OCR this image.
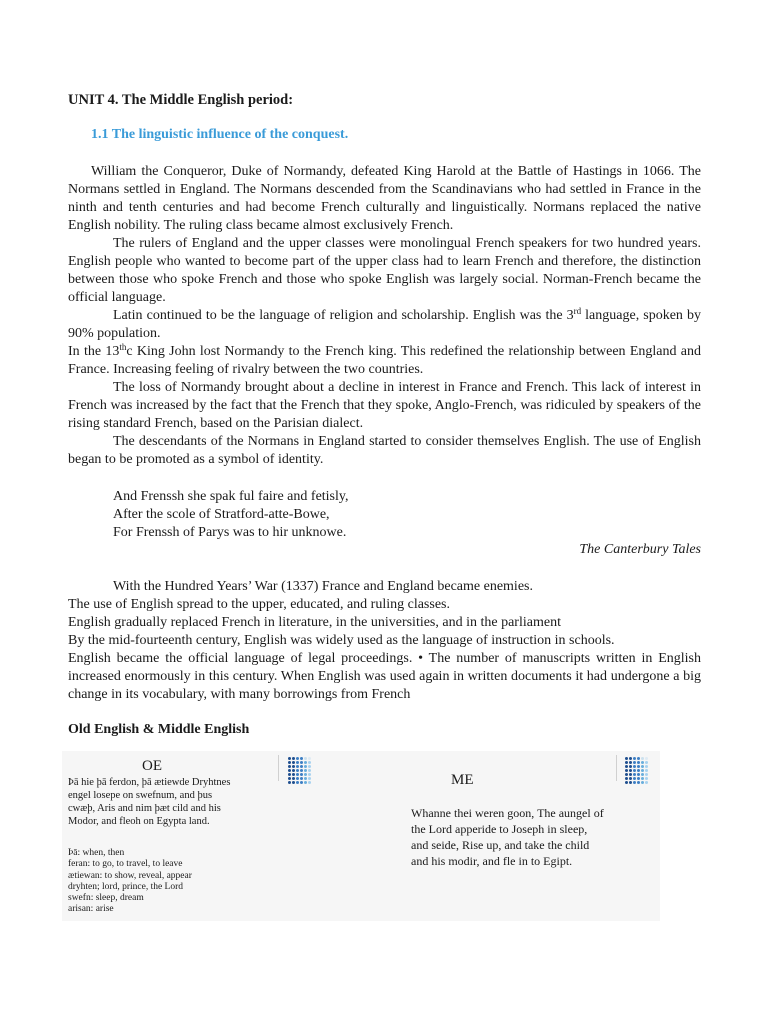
UNIT 4. The Middle English period:

1.1 The linguistic influence of the conquest.

William the Conqueror, Duke of Normandy, defeated King Harold at the Battle of Hastings in 1066. The Normans settled in England. The Normans descended from the Scandinavians who had settled in France in the ninth and tenth centuries and had become French culturally and linguistically. Normans replaced the native English nobility. The ruling class became almost exclusively French.

The rulers of England and the upper classes were monolingual French speakers for two hundred years. English people who wanted to become part of the upper class had to learn French and therefore, the distinction between those who spoke French and those who spoke English was largely social. Norman-French became the official language.

Latin continued to be the language of religion and scholarship. English was the 3rd language, spoken by 90% population.

In the 13thc King John lost Normandy to the French king. This redefined the relationship between England and France. Increasing feeling of rivalry between the two countries.

The loss of Normandy brought about a decline in interest in France and French. This lack of interest in French was increased by the fact that the French that they spoke, Anglo-French, was ridiculed by speakers of the rising standard French, based on the Parisian dialect.

The descendants of the Normans in England started to consider themselves English. The use of English began to be promoted as a symbol of identity.

And Frenssh she spak ful faire and fetisly,
After the scole of Stratford-atte-Bowe,
For Frenssh of Parys was to hir unknowe.

The Canterbury Tales

With the Hundred Years’ War (1337) France and England became enemies.

The use of English spread to the upper, educated, and ruling classes.

English gradually replaced French in literature, in the universities, and in the parliament

By the mid-fourteenth century, English was widely used as the language of instruction in schools.

English became the official language of legal proceedings. • The number of manuscripts written in English increased enormously in this century. When English was used again in written documents it had undergone a big change in its vocabulary, with many borrowings from French

Old English & Middle English

OE
Þā hie þā ferdon, þā ætiewde Dryhtnes
engel losepe on swefnum, and þus
cwæþ, Aris and nim þæt cild and his
Modor, and fleoh on Egypta land.
Þā: when, then
feran: to go, to travel, to leave
ætiewan: to show, reveal, appear
dryhten; lord, prince, the Lord
swefn: sleep, dream
arisan: arise
ME
Whanne thei weren goon, The aungel of
the Lord apperide to Joseph in sleep,
and seide, Rise up, and take the child
and his modir, and fle in to Egipt.
